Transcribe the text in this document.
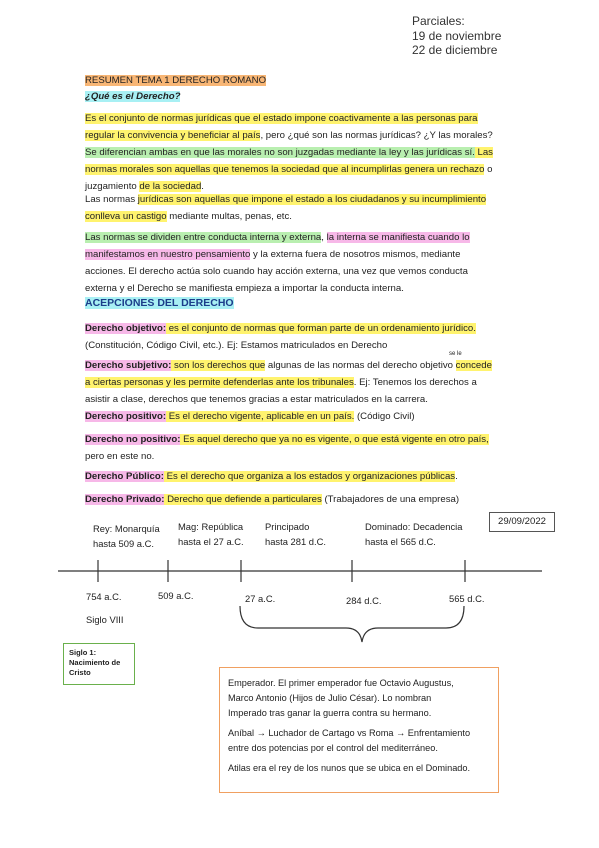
Parciales:
19 de noviembre
22 de diciembre
RESUMEN TEMA 1 DERECHO ROMANO
¿Qué es el Derecho?
Es el conjunto de normas jurídicas que el estado impone coactivamente a las personas para
regular la convivencia y beneficiar al país, pero ¿qué son las normas jurídicas? ¿Y las morales?
Se diferencian ambas en que las morales no son juzgadas mediante la ley y las jurídicas sí. Las
normas morales son aquellas que tenemos la sociedad que al incumplirlas genera un rechazo o
juzgamiento de la sociedad.
Las normas jurídicas son aquellas que impone el estado a los ciudadanos y su incumplimiento
conlleva un castigo mediante multas, penas, etc.
Las normas se dividen entre conducta interna y externa, la interna se manifiesta cuando lo
manifestamos en nuestro pensamiento y la externa fuera de nosotros mismos, mediante
acciones. El derecho actúa solo cuando hay acción externa, una vez que vemos conducta
externa y el Derecho se manifiesta empieza a importar la conducta interna.
ACEPCIONES DEL DERECHO
Derecho objetivo: es el conjunto de normas que forman parte de un ordenamiento jurídico.
(Constitución, Código Civil, etc.). Ej: Estamos matriculados en Derecho
se le
Derecho subjetivo: son los derechos que algunas de las normas del derecho objetivo concede
a ciertas personas y les permite defenderlas ante los tribunales. Ej: Tenemos los derechos a
asistir a clase, derechos que tenemos gracias a estar matriculados en la carrera.
Derecho positivo: Es el derecho vigente, aplicable en un país. (Código Civil)
Derecho no positivo: Es aquel derecho que ya no es vigente, o que está vigente en otro país,
pero en este no.
Derecho Público: Es el derecho que organiza a los estados y organizaciones públicas.
Derecho Privado: Derecho que defiende a particulares (Trabajadores de una empresa)
29/09/2022
Rey: Monarquía
hasta 509 a.C.
Mag: República
hasta el 27 a.C.
Principado
hasta 281 d.C.
Dominado: Decadencia
hasta el 565 d.C.
754 a.C.	509 a.C.	27 a.C.	284 d.C.	565 d.C.
Siglo VIII
Siglo 1:
Nacimiento de
Cristo
Emperador. El primer emperador fue Octavio Augustus,
Marco Antonio (Hijos de Julio César). Lo nombran
Imperado tras ganar la guerra contra su hermano.
Aníbal → Luchador de Cartago vs Roma → Enfrentamiento
entre dos potencias por el control del mediterráneo.
Atilas era el rey de los nunos que se ubica en el Dominado.
